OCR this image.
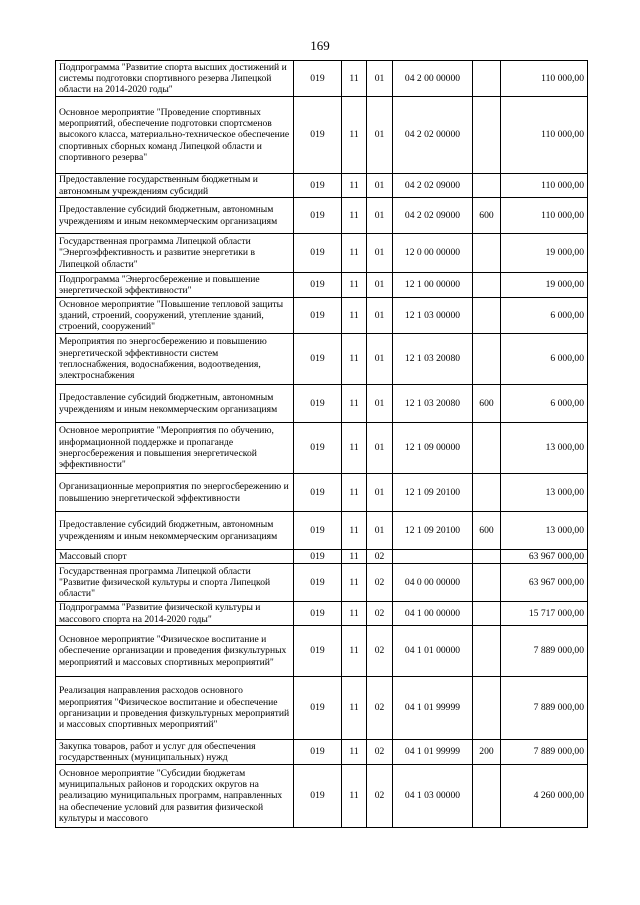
169
Подпрограмма "Развитие спорта высших достижений и системы подготовки спортивного резерва Липецкой области на 2014-2020 годы"	019	11	01	04 2 00 00000		110 000,00
Основное мероприятие "Проведение спортивных мероприятий, обеспечение подготовки спортсменов высокого класса, материально-техническое обеспечение спортивных сборных команд Липецкой области и спортивного резерва"	019	11	01	04 2 02 00000		110 000,00
Предоставление государственным бюджетным и автономным учреждениям субсидий	019	11	01	04 2 02 09000		110 000,00
Предоставление субсидий бюджетным, автономным учреждениям и иным некоммерческим организациям	019	11	01	04 2 02 09000	600	110 000,00
Государственная программа Липецкой области "Энергоэффективность и развитие энергетики в Липецкой области"	019	11	01	12 0 00 00000		19 000,00
Подпрограмма "Энергосбережение и повышение энергетической эффективности"	019	11	01	12 1 00 00000		19 000,00
Основное мероприятие "Повышение тепловой защиты зданий, строений, сооружений, утепление зданий, строений, сооружений"	019	11	01	12 1 03 00000		6 000,00
Мероприятия по энергосбережению и повышению энергетической эффективности систем теплоснабжения, водоснабжения, водоотведения, электроснабжения	019	11	01	12 1 03 20080		6 000,00
Предоставление субсидий бюджетным, автономным учреждениям и иным некоммерческим организациям	019	11	01	12 1 03 20080	600	6 000,00
Основное мероприятие "Мероприятия по обучению, информационной поддержке и пропаганде энергосбережения и повышения энергетической эффективности"	019	11	01	12 1 09 00000		13 000,00
Организационные мероприятия по энергосбережению и повышению энергетической эффективности	019	11	01	12 1 09 20100		13 000,00
Предоставление субсидий бюджетным, автономным учреждениям и иным некоммерческим организациям	019	11	01	12 1 09 20100	600	13 000,00
Массовый спорт	019	11	02			63 967 000,00
Государственная программа Липецкой области "Развитие физической культуры и спорта Липецкой области"	019	11	02	04 0 00 00000		63 967 000,00
Подпрограмма "Развитие физической культуры и массового спорта на 2014-2020 годы"	019	11	02	04 1 00 00000		15 717 000,00
Основное мероприятие "Физическое воспитание и обеспечение организации и проведения физкультурных мероприятий и массовых спортивных мероприятий"	019	11	02	04 1 01 00000		7 889 000,00
Реализация направления расходов основного мероприятия "Физическое воспитание и обеспечение организации и проведения физкультурных мероприятий и массовых спортивных мероприятий"	019	11	02	04 1 01 99999		7 889 000,00
Закупка товаров, работ и услуг для обеспечения государственных (муниципальных) нужд	019	11	02	04 1 01 99999	200	7 889 000,00
Основное мероприятие "Субсидии бюджетам муниципальных районов и городских округов на реализацию муниципальных программ, направленных на обеспечение условий для развития физической культуры и массового	019	11	02	04 1 03 00000		4 260 000,00
